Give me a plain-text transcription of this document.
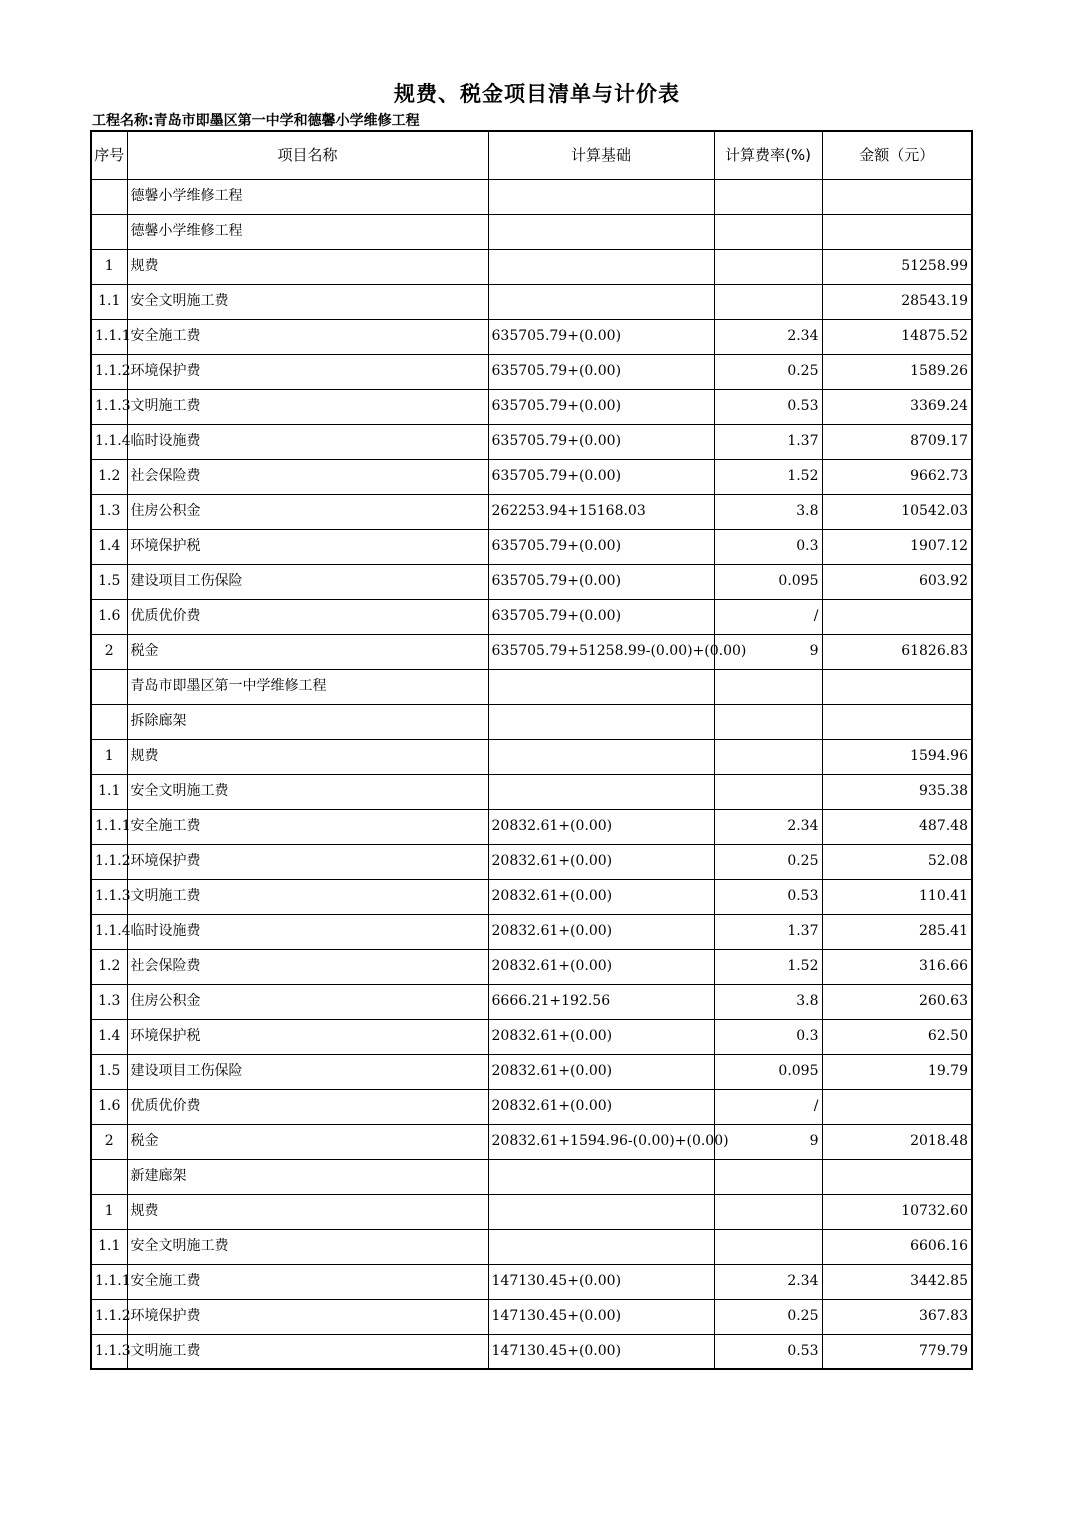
规费、税金项目清单与计价表
工程名称:青岛市即墨区第一中学和德馨小学维修工程
序号	项目名称	计算基础	计算费率(%)	金额（元）
	德馨小学维修工程			
	德馨小学维修工程			
1	规费			51258.99
1.1	安全文明施工费			28543.19
1.1.1	安全施工费	635705.79+(0.00)	2.34	14875.52
1.1.2	环境保护费	635705.79+(0.00)	0.25	1589.26
1.1.3	文明施工费	635705.79+(0.00)	0.53	3369.24
1.1.4	临时设施费	635705.79+(0.00)	1.37	8709.17
1.2	社会保险费	635705.79+(0.00)	1.52	9662.73
1.3	住房公积金	262253.94+15168.03	3.8	10542.03
1.4	环境保护税	635705.79+(0.00)	0.3	1907.12
1.5	建设项目工伤保险	635705.79+(0.00)	0.095	603.92
1.6	优质优价费	635705.79+(0.00)	/	
2	税金	635705.79+51258.99-(0.00)+(0.00)	9	61826.83
	青岛市即墨区第一中学维修工程			
	拆除廊架			
1	规费			1594.96
1.1	安全文明施工费			935.38
1.1.1	安全施工费	20832.61+(0.00)	2.34	487.48
1.1.2	环境保护费	20832.61+(0.00)	0.25	52.08
1.1.3	文明施工费	20832.61+(0.00)	0.53	110.41
1.1.4	临时设施费	20832.61+(0.00)	1.37	285.41
1.2	社会保险费	20832.61+(0.00)	1.52	316.66
1.3	住房公积金	6666.21+192.56	3.8	260.63
1.4	环境保护税	20832.61+(0.00)	0.3	62.50
1.5	建设项目工伤保险	20832.61+(0.00)	0.095	19.79
1.6	优质优价费	20832.61+(0.00)	/	
2	税金	20832.61+1594.96-(0.00)+(0.00)	9	2018.48
	新建廊架			
1	规费			10732.60
1.1	安全文明施工费			6606.16
1.1.1	安全施工费	147130.45+(0.00)	2.34	3442.85
1.1.2	环境保护费	147130.45+(0.00)	0.25	367.83
1.1.3	文明施工费	147130.45+(0.00)	0.53	779.79
